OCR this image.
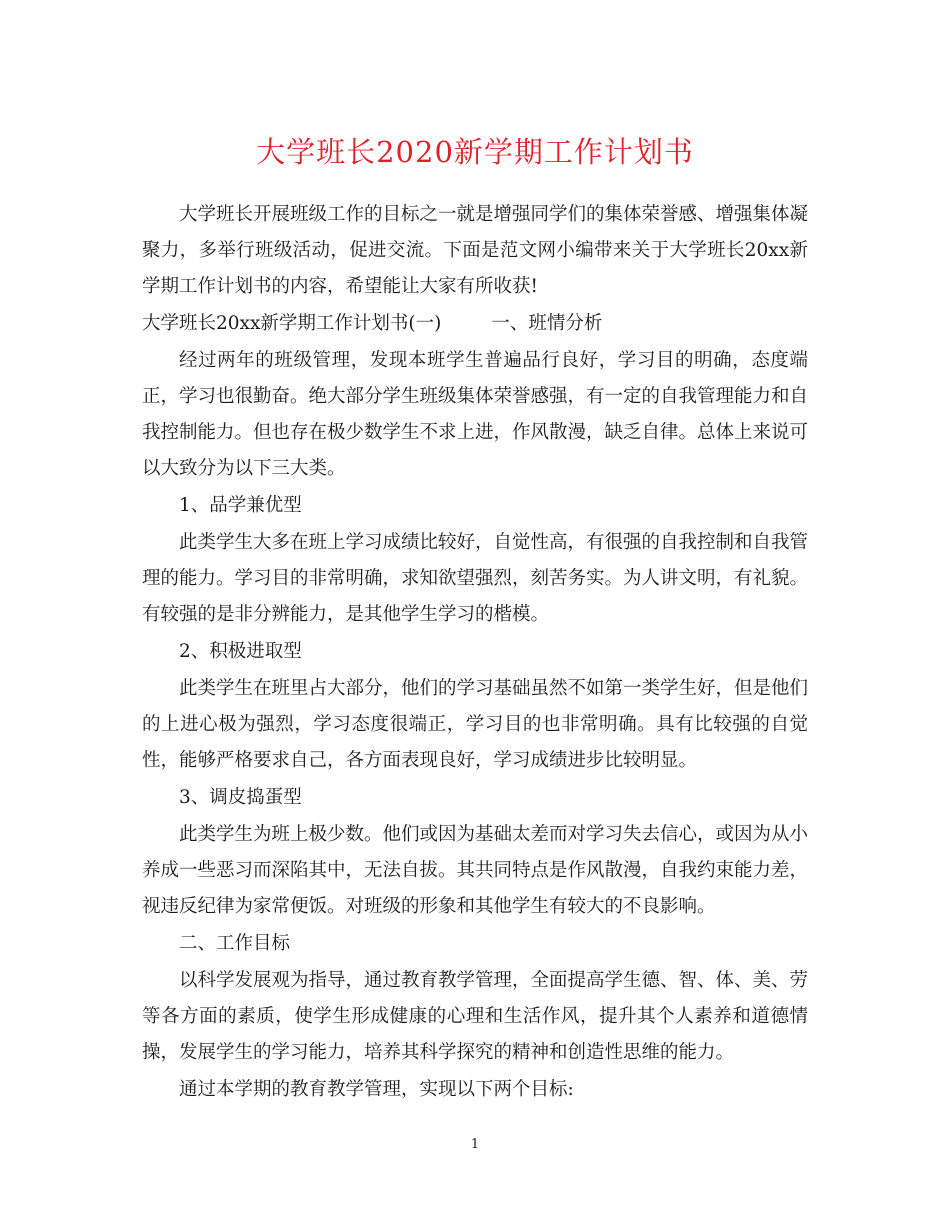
大学班长2020新学期工作计划书

大学班长开展班级工作的目标之一就是增强同学们的集体荣誉感、增强集体凝聚力，多举行班级活动，促进交流。下面是范文网小编带来关于大学班长20xx新学期工作计划书的内容，希望能让大家有所收获!

大学班长20xx新学期工作计划书(一)	一、班情分析

经过两年的班级管理，发现本班学生普遍品行良好，学习目的明确，态度端正，学习也很勤奋。绝大部分学生班级集体荣誉感强，有一定的自我管理能力和自我控制能力。但也存在极少数学生不求上进，作风散漫，缺乏自律。总体上来说可以大致分为以下三大类。

1、品学兼优型

此类学生大多在班上学习成绩比较好，自觉性高，有很强的自我控制和自我管理的能力。学习目的非常明确，求知欲望强烈，刻苦务实。为人讲文明，有礼貌。有较强的是非分辨能力，是其他学生学习的楷模。

2、积极进取型

此类学生在班里占大部分，他们的学习基础虽然不如第一类学生好，但是他们的上进心极为强烈，学习态度很端正，学习目的也非常明确。具有比较强的自觉性，能够严格要求自己，各方面表现良好，学习成绩进步比较明显。

3、调皮捣蛋型

此类学生为班上极少数。他们或因为基础太差而对学习失去信心，或因为从小养成一些恶习而深陷其中，无法自拔。其共同特点是作风散漫，自我约束能力差，视违反纪律为家常便饭。对班级的形象和其他学生有较大的不良影响。

二、工作目标

以科学发展观为指导，通过教育教学管理，全面提高学生德、智、体、美、劳等各方面的素质，使学生形成健康的心理和生活作风，提升其个人素养和道德情操，发展学生的学习能力，培养其科学探究的精神和创造性思维的能力。

通过本学期的教育教学管理，实现以下两个目标:

1
